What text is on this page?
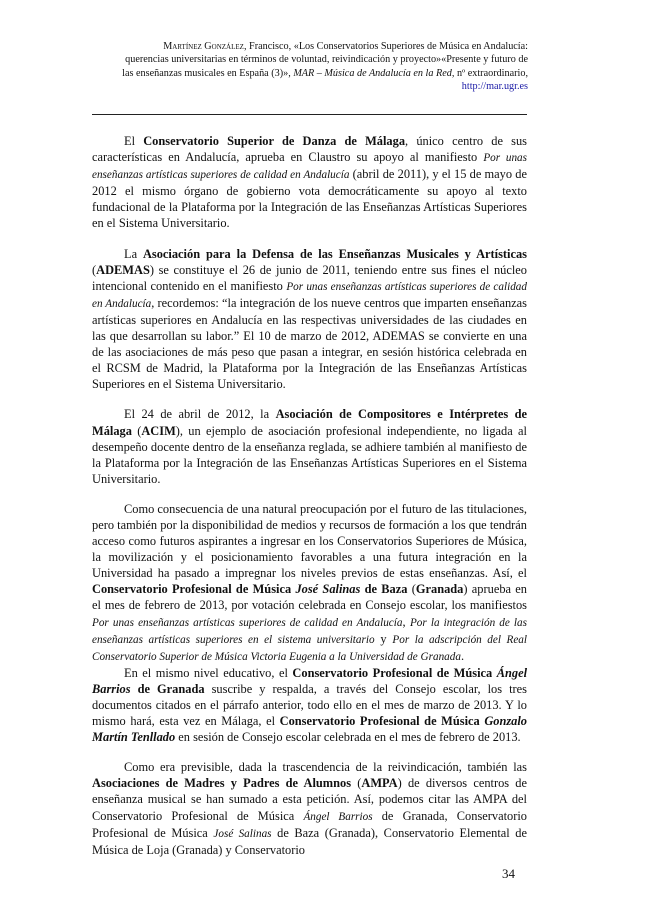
Martínez González, Francisco, «Los Conservatorios Superiores de Música en Andalucía:
querencias universitarias en términos de voluntad, reivindicación y proyecto»«Presente y futuro de
las enseñanzas musicales en España (3)», MAR – Música de Andalucía en la Red, nº extraordinario,
http://mar.ugr.es

El Conservatorio Superior de Danza de Málaga, único centro de sus características en Andalucía, aprueba en Claustro su apoyo al manifiesto Por unas enseñanzas artísticas superiores de calidad en Andalucía (abril de 2011), y el 15 de mayo de 2012 el mismo órgano de gobierno vota democráticamente su apoyo al texto fundacional de la Plataforma por la Integración de las Enseñanzas Artísticas Superiores en el Sistema Universitario.

La Asociación para la Defensa de las Enseñanzas Musicales y Artísticas (ADEMAS) se constituye el 26 de junio de 2011, teniendo entre sus fines el núcleo intencional contenido en el manifiesto Por unas enseñanzas artísticas superiores de calidad en Andalucía, recordemos: “la integración de los nueve centros que imparten enseñanzas artísticas superiores en Andalucía en las respectivas universidades de las ciudades en las que desarrollan su labor.” El 10 de marzo de 2012, ADEMAS se convierte en una de las asociaciones de más peso que pasan a integrar, en sesión histórica celebrada en el RCSM de Madrid, la Plataforma por la Integración de las Enseñanzas Artísticas Superiores en el Sistema Universitario.

El 24 de abril de 2012, la Asociación de Compositores e Intérpretes de Málaga (ACIM), un ejemplo de asociación profesional independiente, no ligada al desempeño docente dentro de la enseñanza reglada, se adhiere también al manifiesto de la Plataforma por la Integración de las Enseñanzas Artísticas Superiores en el Sistema Universitario.

Como consecuencia de una natural preocupación por el futuro de las titulaciones, pero también por la disponibilidad de medios y recursos de formación a los que tendrán acceso como futuros aspirantes a ingresar en los Conservatorios Superiores de Música, la movilización y el posicionamiento favorables a una futura integración en la Universidad ha pasado a impregnar los niveles previos de estas enseñanzas. Así, el Conservatorio Profesional de Música José Salinas de Baza (Granada) aprueba en el mes de febrero de 2013, por votación celebrada en Consejo escolar, los manifiestos Por unas enseñanzas artísticas superiores de calidad en Andalucía, Por la integración de las enseñanzas artísticas superiores en el sistema universitario y Por la adscripción del Real Conservatorio Superior de Música Victoria Eugenia a la Universidad de Granada.

En el mismo nivel educativo, el Conservatorio Profesional de Música Ángel Barrios de Granada suscribe y respalda, a través del Consejo escolar, los tres documentos citados en el párrafo anterior, todo ello en el mes de marzo de 2013. Y lo mismo hará, esta vez en Málaga, el Conservatorio Profesional de Música Gonzalo Martín Tenllado en sesión de Consejo escolar celebrada en el mes de febrero de 2013.

Como era previsible, dada la trascendencia de la reivindicación, también las Asociaciones de Madres y Padres de Alumnos (AMPA) de diversos centros de enseñanza musical se han sumado a esta petición. Así, podemos citar las AMPA del Conservatorio Profesional de Música Ángel Barrios de Granada, Conservatorio Profesional de Música José Salinas de Baza (Granada), Conservatorio Elemental de Música de Loja (Granada) y Conservatorio

34
